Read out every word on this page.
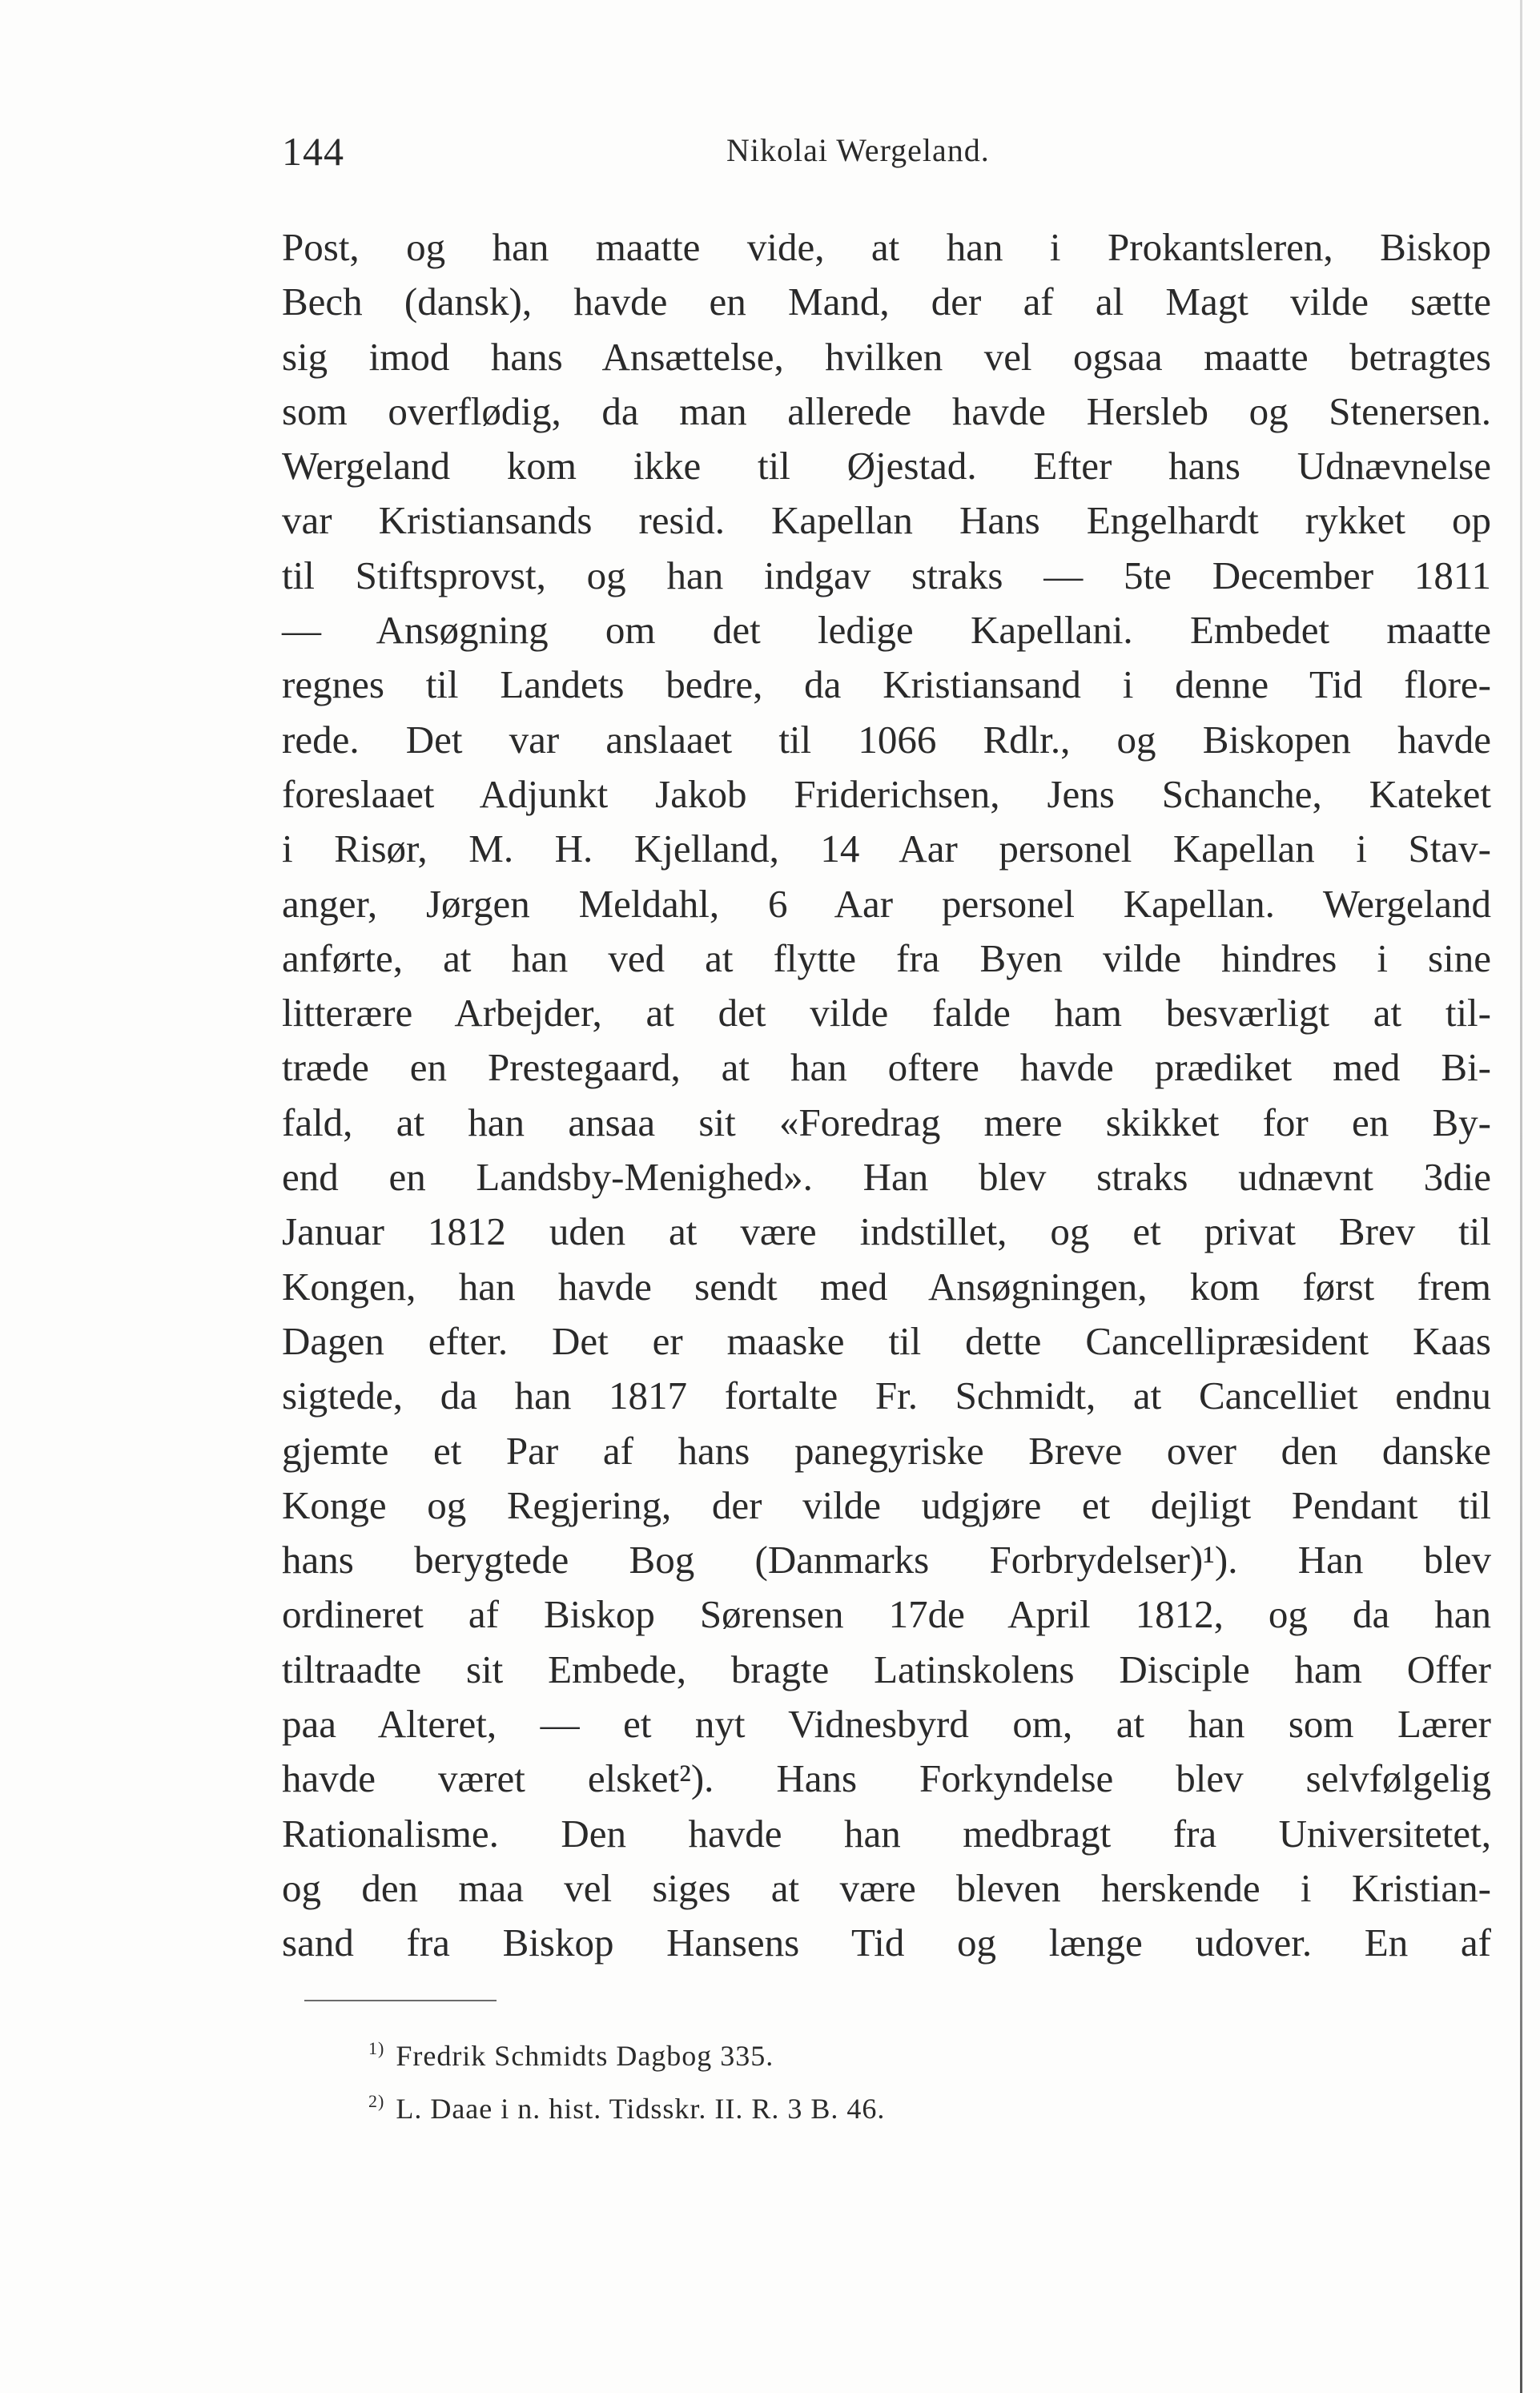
144	Nikolai Wergeland.
Post, og han maatte vide, at han i Prokantsleren, Biskop
Bech (dansk), havde en Mand, der af al Magt vilde sætte
sig imod hans Ansættelse, hvilken vel ogsaa maatte betragtes
som overflødig, da man allerede havde Hersleb og Stenersen.
Wergeland kom ikke til Øjestad. Efter hans Udnævnelse
var Kristiansands resid. Kapellan Hans Engelhardt rykket op
til Stiftsprovst, og han indgav straks — 5te December 1811
— Ansøgning om det ledige Kapellani. Embedet maatte
regnes til Landets bedre, da Kristiansand i denne Tid flore-
rede. Det var anslaaet til 1066 Rdlr., og Biskopen havde
foreslaaet Adjunkt Jakob Friderichsen, Jens Schanche, Kateket
i Risør, M. H. Kjelland, 14 Aar personel Kapellan i Stav-
anger, Jørgen Meldahl, 6 Aar personel Kapellan. Wergeland
anførte, at han ved at flytte fra Byen vilde hindres i sine
litterære Arbejder, at det vilde falde ham besværligt at til-
træde en Prestegaard, at han oftere havde prædiket med Bi-
fald, at han ansaa sit «Foredrag mere skikket for en By-
end en Landsby-Menighed». Han blev straks udnævnt 3die
Januar 1812 uden at være indstillet, og et privat Brev til
Kongen, han havde sendt med Ansøgningen, kom først frem
Dagen efter. Det er maaske til dette Cancellipræsident Kaas
sigtede, da han 1817 fortalte Fr. Schmidt, at Cancelliet endnu
gjemte et Par af hans panegyriske Breve over den danske
Konge og Regjering, der vilde udgjøre et dejligt Pendant til
hans berygtede Bog (Danmarks Forbrydelser)¹). Han blev
ordineret af Biskop Sørensen 17de April 1812, og da han
tiltraadte sit Embede, bragte Latinskolens Disciple ham Offer
paa Alteret, — et nyt Vidnesbyrd om, at han som Lærer
havde været elsket²). Hans Forkyndelse blev selvfølgelig
Rationalisme. Den havde han medbragt fra Universitetet,
og den maa vel siges at være bleven herskende i Kristian-
sand fra Biskop Hansens Tid og længe udover. En af
$^{1)}$ Fredrik Schmidts Dagbog 335.
$^{2)}$ L. Daae i n. hist. Tidsskr. II. R. 3 B. 46.
